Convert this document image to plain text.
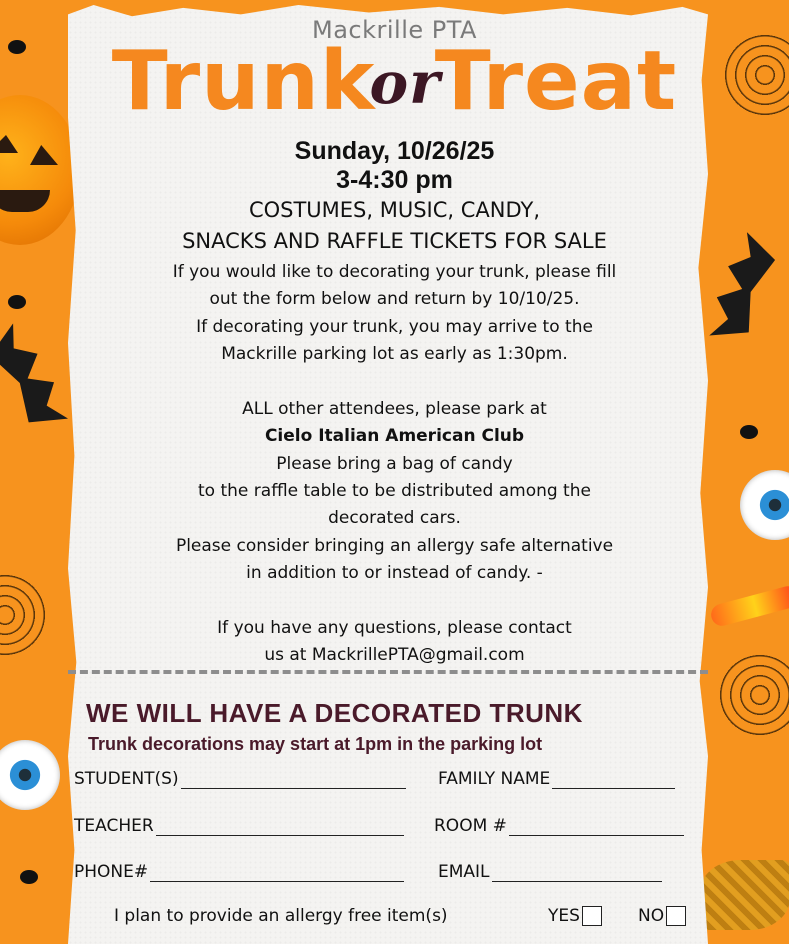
Mackrille PTA
TrunkorTreat
Sunday, 10/26/25
3-4:30 pm
COSTUMES, MUSIC, CANDY,
SNACKS AND RAFFLE TICKETS FOR SALE
If you would like to decorating your trunk, please fill
out the form below and return by 10/10/25.
If decorating your trunk, you may arrive to the
Mackrille parking lot as early as 1:30pm.
ALL other attendees, please park at
Cielo Italian American Club
Please bring a bag of candy
to the raffle table to be distributed among the
decorated cars.
Please consider bringing an allergy safe alternative
in addition to or instead of candy. -
If you have any questions, please contact
us at MackrillePTA@gmail.com
WE WILL HAVE A DECORATED TRUNK
Trunk decorations may start at 1pm in the parking lot
STUDENT(S)	FAMILY NAME
TEACHER	ROOM #
PHONE#	EMAIL
I plan to provide an allergy free item(s)	YES	NO
